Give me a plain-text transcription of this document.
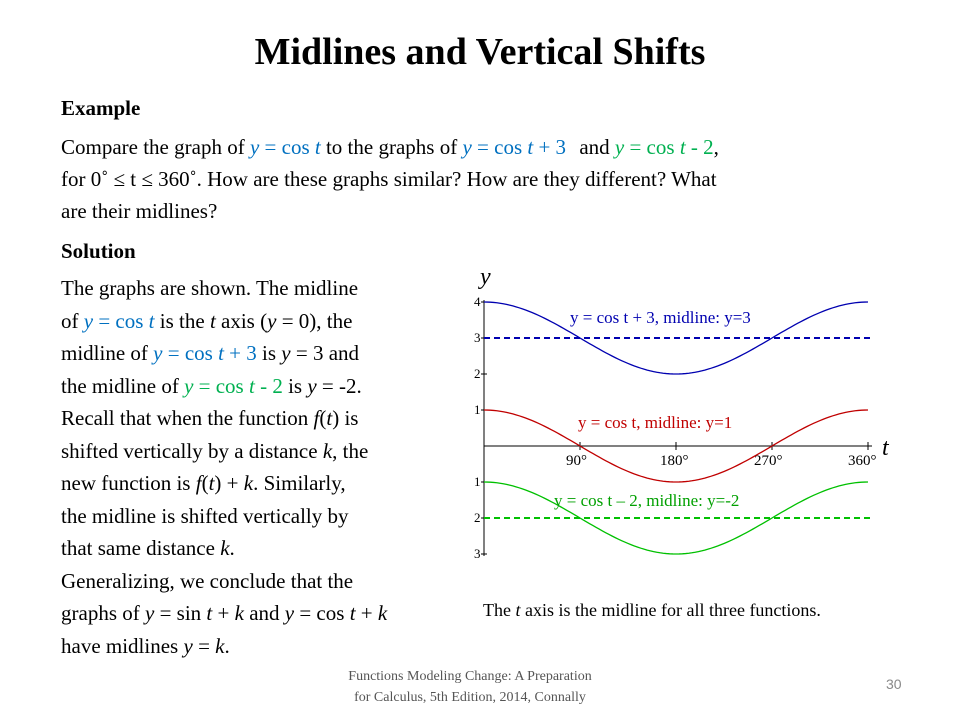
Midlines and Vertical Shifts
Example
Compare the graph of y = cos t to the graphs of y = cos t + 3 and y = cos t - 2,
for 0˚ ≤ t ≤ 360˚. How are these graphs similar? How are they different? What
are their midlines?
Solution
The graphs are shown. The midline
of y = cos t is the t axis (y = 0), the
midline of y = cos t + 3 is y = 3 and
the midline of y = cos t - 2 is y = -2.
Recall that when the function f(t) is
shifted vertically by a distance k, the
new function is f(t) + k. Similarly,
the midline is shifted vertically by
that same distance k.
Generalizing, we conclude that the
graphs of y = sin t + k and y = cos t + k
have midlines y = k.
y
t
4
3
2
1
1
2
3
90°	180°	270°	360°
y = cos t + 3, midline: y=3
y = cos t, midline: y=1
y = cos t – 2, midline: y=-2
The t axis is the midline for all three functions.
Functions Modeling Change: A Preparation
for Calculus, 5th Edition, 2014, Connally
30
